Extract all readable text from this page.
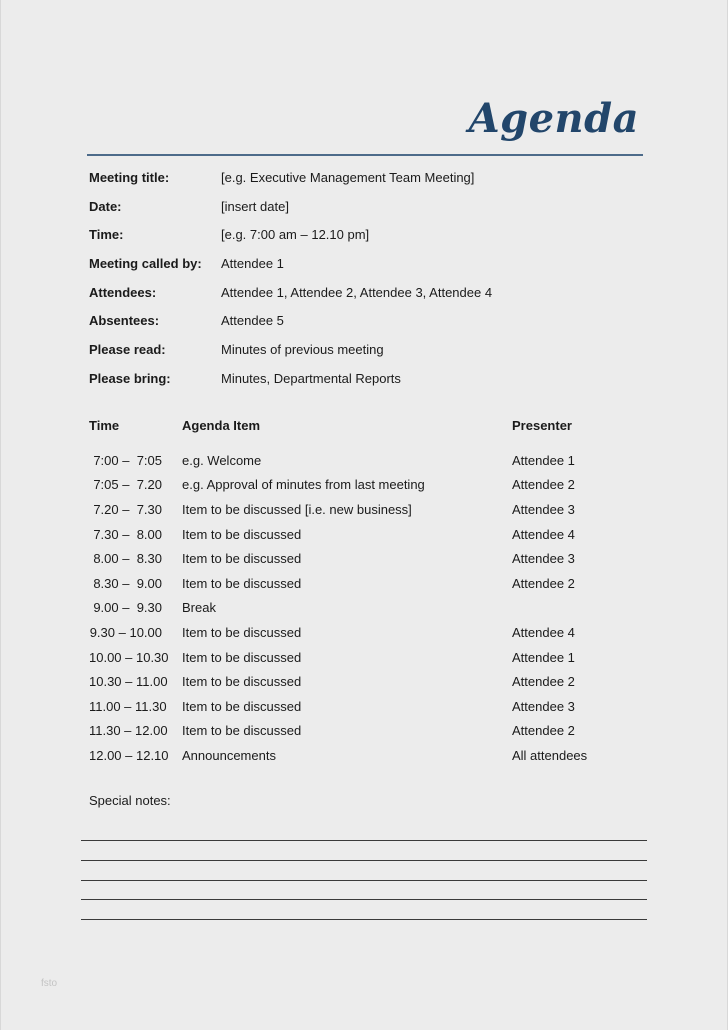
Agenda
Meeting title:	[e.g. Executive Management Team Meeting]
Date:	[insert date]
Time:	[e.g. 7:00 am – 12.10 pm]
Meeting called by:	Attendee 1
Attendees:	Attendee 1, Attendee 2, Attendee 3, Attendee 4
Absentees:	Attendee 5
Please read:	Minutes of previous meeting
Please bring:	Minutes, Departmental Reports
Time	Agenda Item	Presenter
7:00 –  7:05	e.g. Welcome	Attendee 1
7:05 –  7.20	e.g. Approval of minutes from last meeting	Attendee 2
7.20 –  7.30	Item to be discussed [i.e. new business]	Attendee 3
7.30 –  8.00	Item to be discussed	Attendee 4
8.00 –  8.30	Item to be discussed	Attendee 3
8.30 –  9.00	Item to be discussed	Attendee 2
9.00 –  9.30	Break
9.30 – 10.00	Item to be discussed	Attendee 4
10.00 – 10.30	Item to be discussed	Attendee 1
10.30 – 11.00	Item to be discussed	Attendee 2
11.00 – 11.30	Item to be discussed	Attendee 3
11.30 – 12.00	Item to be discussed	Attendee 2
12.00 – 12.10	Announcements	All attendees
Special notes:
fsto
